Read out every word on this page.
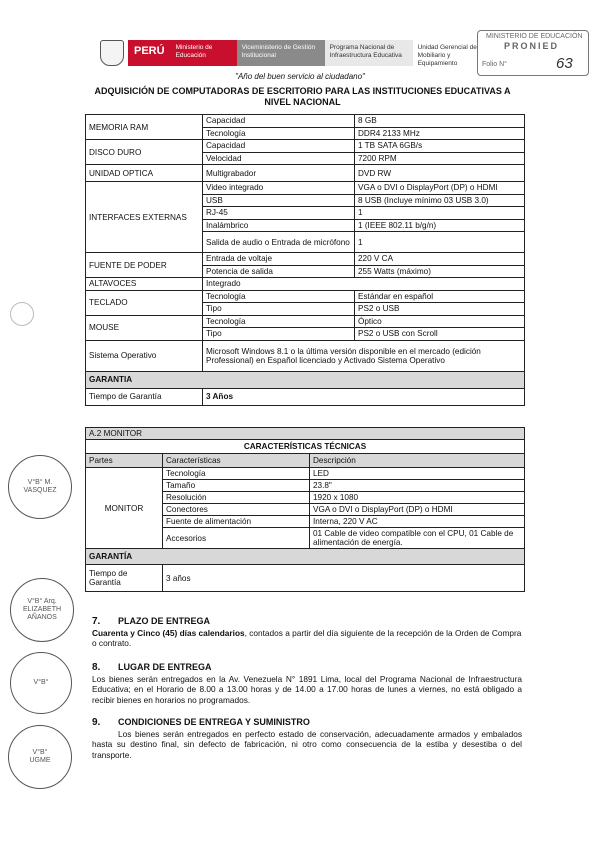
PERÚ	Ministerio de Educación
Viceministerio de Gestión Institucional
Programa Nacional de Infraestructura Educativa
Unidad Gerencial de Mobiliario y Equipamiento
MINISTERIO DE EDUCACIÓN
PRONIED
Folio N°	63
"Año del buen servicio al ciudadano"
ADQUISICIÓN DE COMPUTADORAS DE ESCRITORIO PARA LAS INSTITUCIONES EDUCATIVAS A NIVEL NACIONAL
MEMORIA RAM	Capacidad	8 GB
	Tecnología	DDR4 2133 MHz
DISCO DURO	Capacidad	1 TB SATA 6GB/s
	Velocidad	7200 RPM
UNIDAD OPTICA	Multigrabador	DVD RW
INTERFACES EXTERNAS	Video integrado	VGA o DVI o DisplayPort (DP) o HDMI
	USB	8 USB (Incluye mínimo 03 USB 3.0)
	RJ-45	1
	Inalámbrico	1 (IEEE 802.11 b/g/n)
	Salida de audio o Entrada de micrófono	1
FUENTE DE PODER	Entrada de voltaje	220 V CA
	Potencia de salida	255 Watts (máximo)
ALTAVOCES	Integrado	
TECLADO	Tecnología	Estándar en español
	Tipo	PS2 o USB
MOUSE	Tecnología	Óptico
	Tipo	PS2 o USB con Scroll
Sistema Operativo	Microsoft Windows 8.1 o la última versión disponible en el mercado (edición Professional) en Español licenciado y Activado Sistema Operativo	
GARANTIA		
Tiempo de Garantía	3 Años	
A.2 MONITOR		
CARACTERÍSTICAS TÉCNICAS		
Partes	Características	Descripción
MONITOR	Tecnología	LED
	Tamaño	23.8"
	Resolución	1920 x 1080
	Conectores	VGA o DVI o DisplayPort (DP) o HDMI
	Fuente de alimentación	Interna, 220 V AC
	Accesorios	01 Cable de video compatible con el CPU, 01 Cable de alimentación de energía.
GARANTÍA		
Tiempo de Garantía	3 años	

7. PLAZO DE ENTREGA

Cuarenta y Cinco (45) días calendarios, contados a partir del día siguiente de la recepción de la Orden de Compra o contrato.

8. LUGAR DE ENTREGA

Los bienes serán entregados en la Av. Venezuela N° 1891 Lima, local del Programa Nacional de Infraestructura Educativa; en el Horario de 8.00 a 13.00 horas y de 14.00 a 17.00 horas de lunes a viernes, no está obligado a recibir bienes en horarios no programados.

9. CONDICIONES DE ENTREGA Y SUMINISTRO

Los bienes serán entregados en perfecto estado de conservación, adecuadamente armados y embalados hasta su destino final, sin defecto de fabricación, ni otro como consecuencia de la estiba y desestiba o del transporte.

V°B° M. VASQUEZ
V°B° Arq. ELIZABETH AÑANOS
V°B°
V°B° UGME
